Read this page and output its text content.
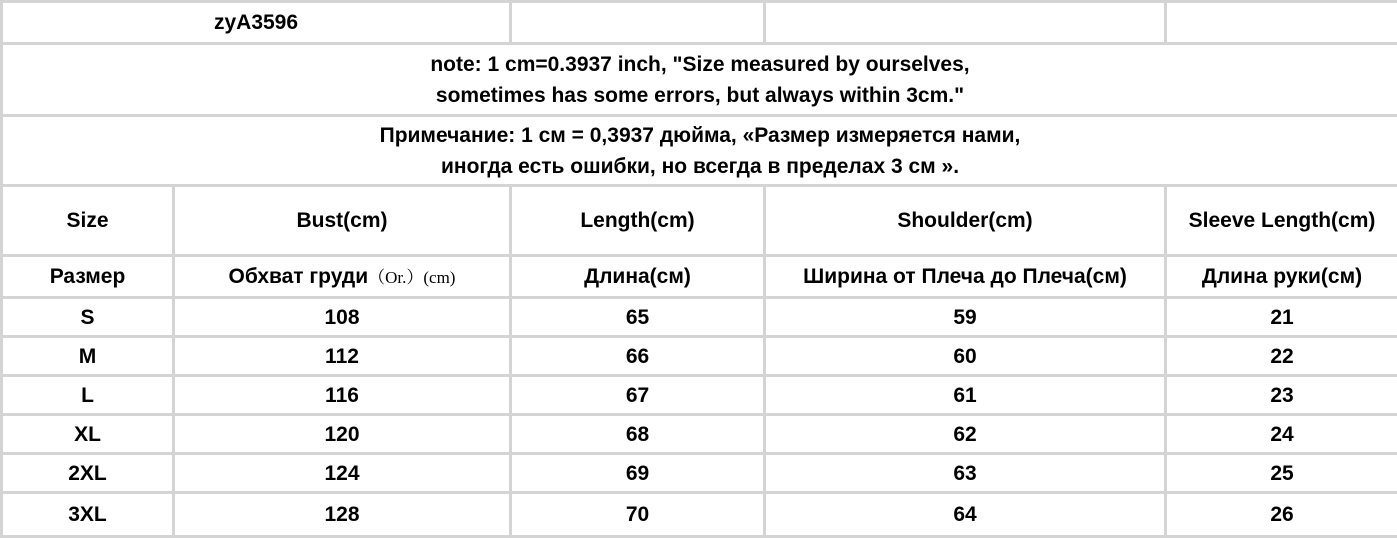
zyA3596				

note: 1 cm=0.3937 inch, "Size measured by ourselves,
sometimes has some errors, but always within 3cm."				

Примечание: 1 см = 0,3937 дюйма, «Размер измеряется нами,
иногда есть ошибки, но всегда в пределах 3 см ».				

Size	Bust(cm)	Length(cm)	Shoulder(cm)	Sleeve Length(cm)
Размер	Обхват груди（Or.）(cm)	Длина(см)	Ширина от Плеча до Плеча(см)	Длина руки(см)
S	108	65	59	21
M	112	66	60	22
L	116	67	61	23
XL	120	68	62	24
2XL	124	69	63	25
3XL	128	70	64	26
